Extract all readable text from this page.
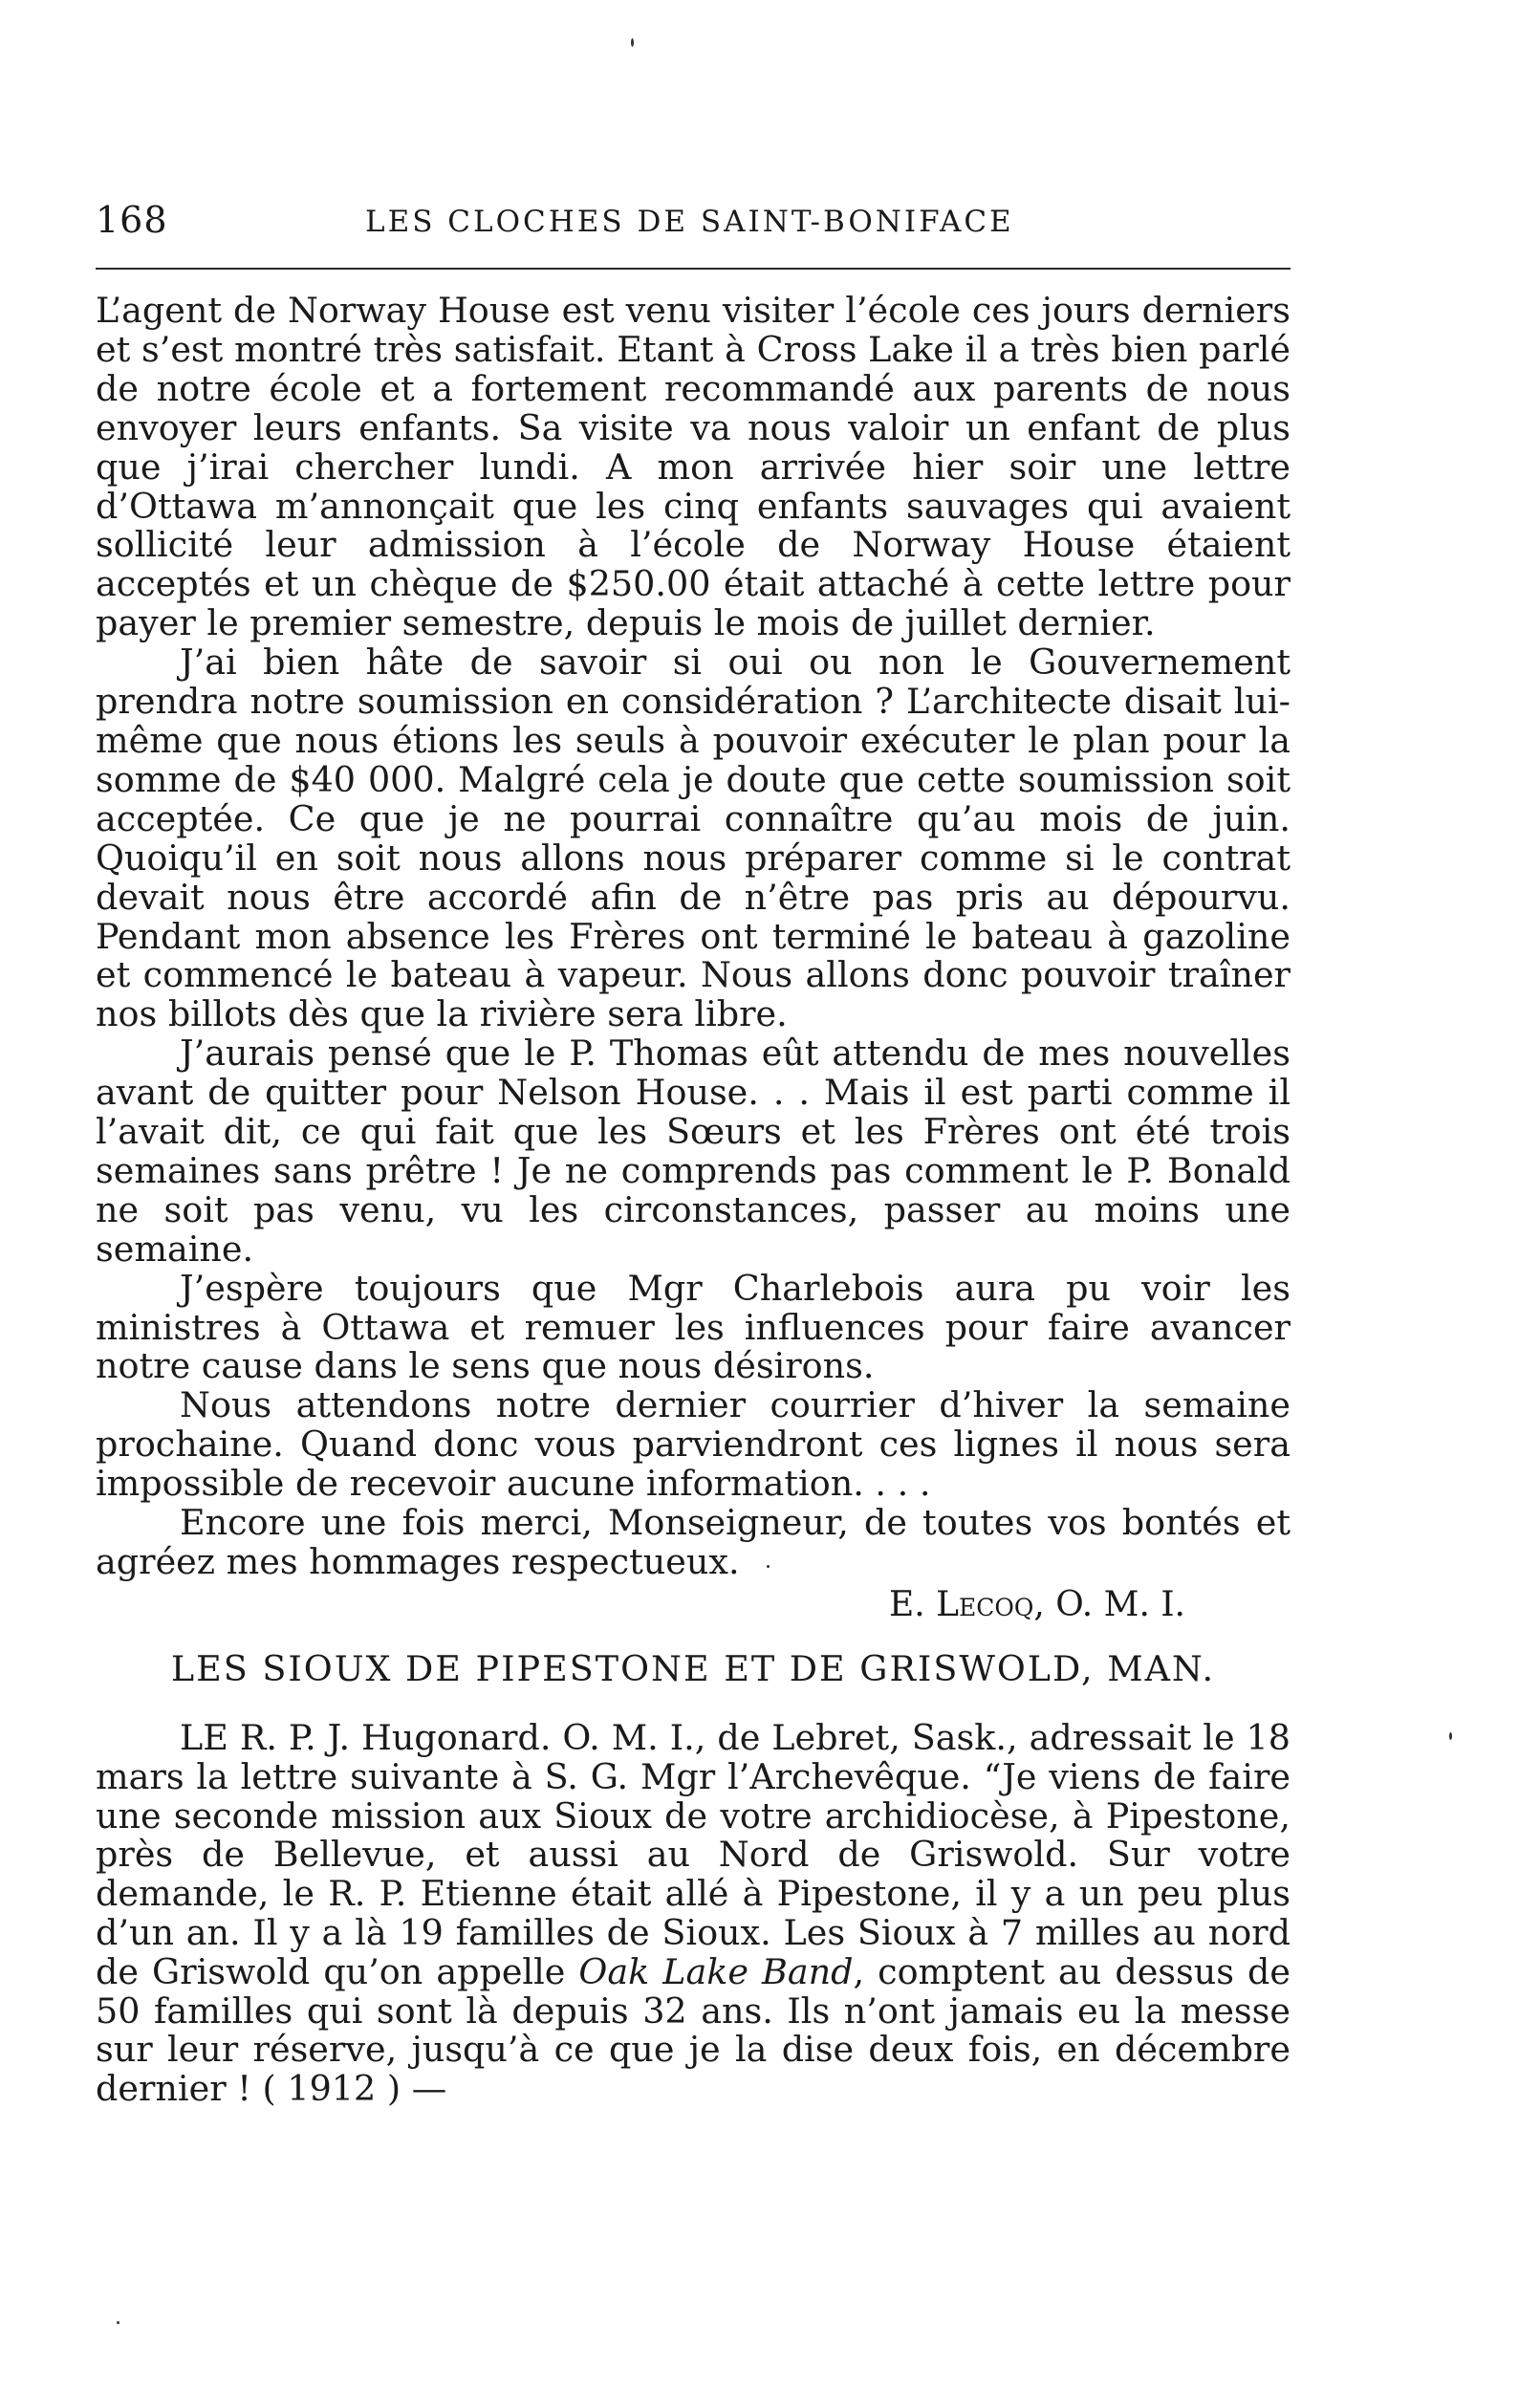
168	LES CLOCHES DE SAINT-BONIFACE

L’agent de Norway House est venu visiter l’école ces jours derniers et s’est montré très satisfait. Etant à Cross Lake il a très bien parlé de notre école et a fortement recommandé aux parents de nous envoyer leurs enfants. Sa visite va nous valoir un enfant de plus que j’irai chercher lundi. A mon arrivée hier soir une lettre d’Ottawa m’annonçait que les cinq enfants sauvages qui avaient sollicité leur admission à l’école de Norway House étaient acceptés et un chèque de $250.00 était attaché à cette lettre pour payer le premier semestre, depuis le mois de juillet dernier.

J’ai bien hâte de savoir si oui ou non le Gouvernement prendra notre soumission en considération ? L’architecte disait lui-même que nous étions les seuls à pouvoir exécuter le plan pour la somme de $40 000. Malgré cela je doute que cette soumission soit acceptée. Ce que je ne pourrai connaître qu’au mois de juin. Quoiqu’il en soit nous allons nous préparer comme si le contrat devait nous être accordé afin de n’être pas pris au dépourvu. Pendant mon absence les Frères ont terminé le bateau à gazoline et commencé le bateau à vapeur. Nous allons donc pouvoir traîner nos billots dès que la rivière sera libre.

J’aurais pensé que le P. Thomas eût attendu de mes nouvelles avant de quitter pour Nelson House. . . Mais il est parti comme il l’avait dit, ce qui fait que les Sœurs et les Frères ont été trois semaines sans prêtre ! Je ne comprends pas comment le P. Bonald ne soit pas venu, vu les circonstances, passer au moins une semaine.

J’espère toujours que Mgr Charlebois aura pu voir les ministres à Ottawa et remuer les influences pour faire avancer notre cause dans le sens que nous désirons.

Nous attendons notre dernier courrier d’hiver la semaine prochaine. Quand donc vous parviendront ces lignes il nous sera impossible de recevoir aucune information. . . .

Encore une fois merci, Monseigneur, de toutes vos bontés et agréez mes hommages respectueux.

E. Lecoq, O. M. I.
LES SIOUX DE PIPESTONE ET DE GRISWOLD, MAN.

LE R. P. J. Hugonard. O. M. I., de Lebret, Sask., adressait le 18 mars la lettre suivante à S. G. Mgr l’Archevêque. “Je viens de faire une seconde mission aux Sioux de votre archidiocèse, à Pipestone, près de Bellevue, et aussi au Nord de Griswold. Sur votre demande, le R. P. Etienne était allé à Pipestone, il y a un peu plus d’un an. Il y a là 19 familles de Sioux. Les Sioux à 7 milles au nord de Griswold qu’on appelle Oak Lake Band, comptent au dessus de 50 familles qui sont là depuis 32 ans. Ils n’ont jamais eu la messe sur leur réserve, jusqu’à ce que je la dise deux fois, en décembre dernier ! ( 1912 ) —
